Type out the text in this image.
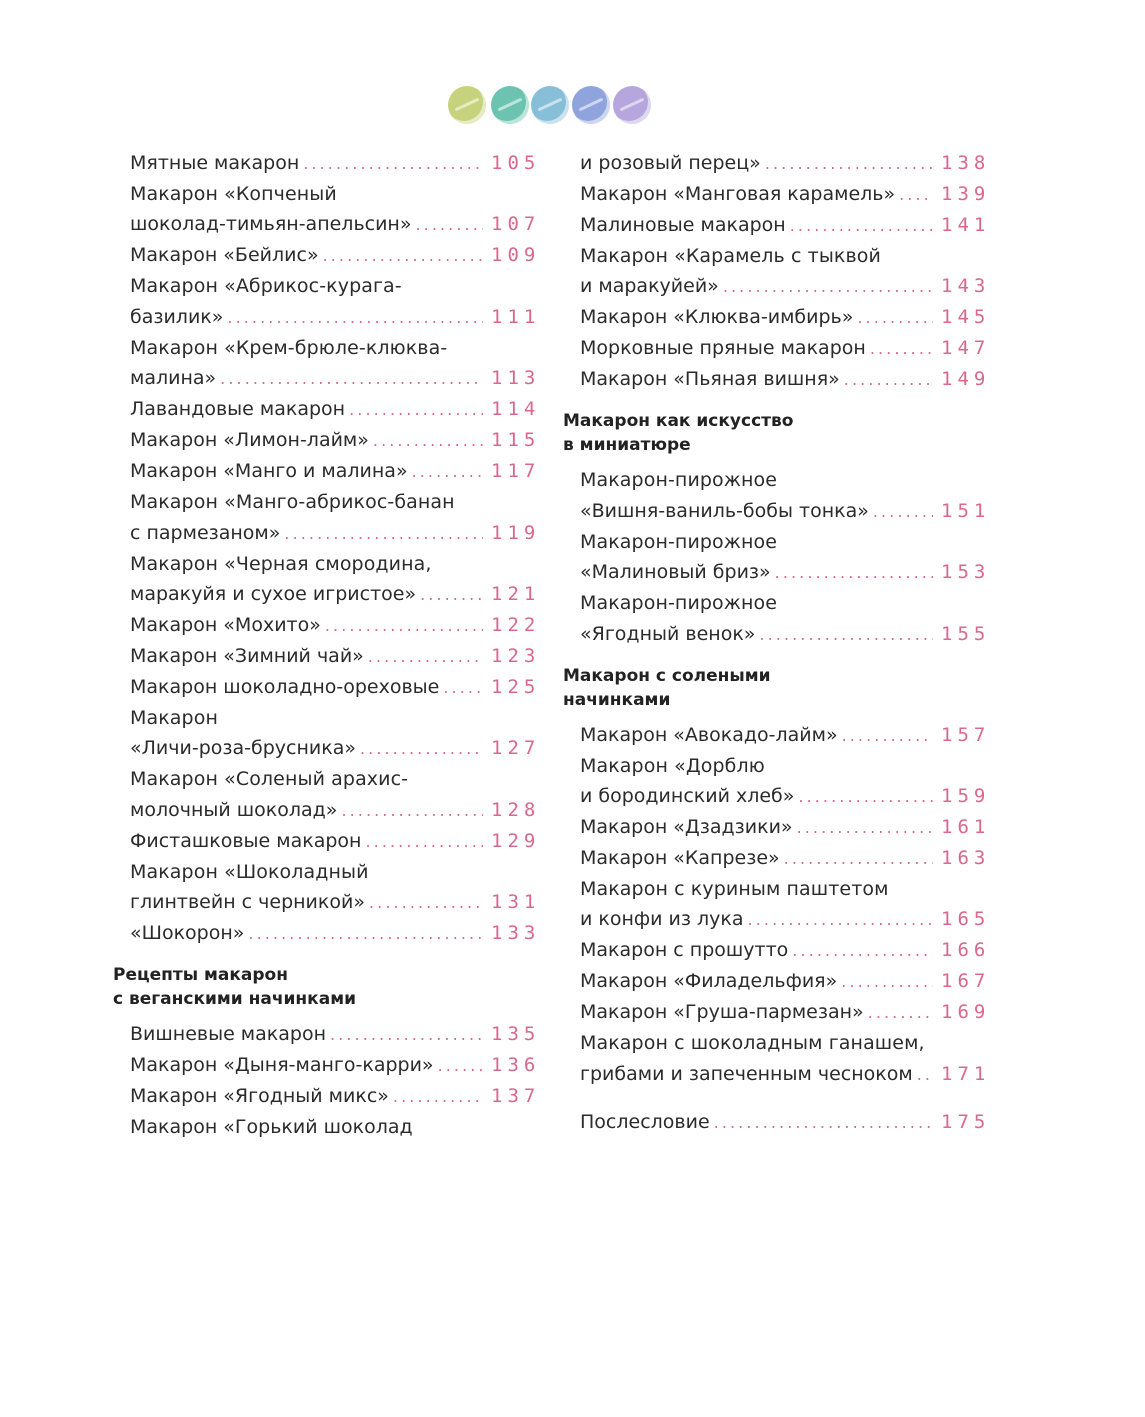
Мятные макарон . . .	105
Макарон «Копченый
шоколад-тимьян-апельсин» . . .	107
Макарон «Бейлис» . . .	109
Макарон «Абрикос-курага-
базилик» . . .	111
Макарон «Крем-брюле-клюква-
малина» . . .	113
Лавандовые макарон . . .	114
Макарон «Лимон-лайм» . . .	115
Макарон «Манго и малина» . . .	117
Макарон «Манго-абрикос-банан
с пармезаном» . . .	119
Макарон «Черная смородина,
маракуйя и сухое игристое» . . .	121
Макарон «Мохито» . . .	122
Макарон «Зимний чай» . . .	123
Макарон шоколадно-ореховые . . .	125
Макарон
«Личи-роза-брусника» . . .	127
Макарон «Соленый арахис-
молочный шоколад» . . .	128
Фисташковые макарон . . .	129
Макарон «Шоколадный
глинтвейн с черникой» . . .	131
«Шокорон» . . .	133
Рецепты макарон
с веганскими начинками
Вишневые макарон . . .	135
Макарон «Дыня-манго-карри» . . .	136
Макарон «Ягодный микс» . . .	137
Макарон «Горький шоколад
и розовый перец» . . .	138
Макарон «Манговая карамель» . . . 139
Малиновые макарон . . .	141
Макарон «Карамель с тыквой
и маракуйей» . . .	143
Макарон «Клюква-имбирь» . . .	145
Морковные пряные макарон . . .	147
Макарон «Пьяная вишня» . . .	149
Макарон как искусство
в миниатюре
Макарон-пирожное
«Вишня-ваниль-бобы тонка» . . .	151
Макарон-пирожное
«Малиновый бриз» . . .	153
Макарон-пирожное
«Ягодный венок» . . .	155
Макарон с солеными
начинками
Макарон «Авокадо-лайм» . . .	157
Макарон «Дорблю
и бородинский хлеб» . . .	159
Макарон «Дзадзики» . . .	161
Макарон «Капрезе» . . .	163
Макарон с куриным паштетом
и конфи из лука . . .	165
Макарон с прошутто . . .	166
Макарон «Филадельфия» . . .	167
Макарон «Груша-пармезан» . . .	169
Макарон с шоколадным ганашем,
грибами и запеченным чесноком . . . 171
Послесловие . . .	175
